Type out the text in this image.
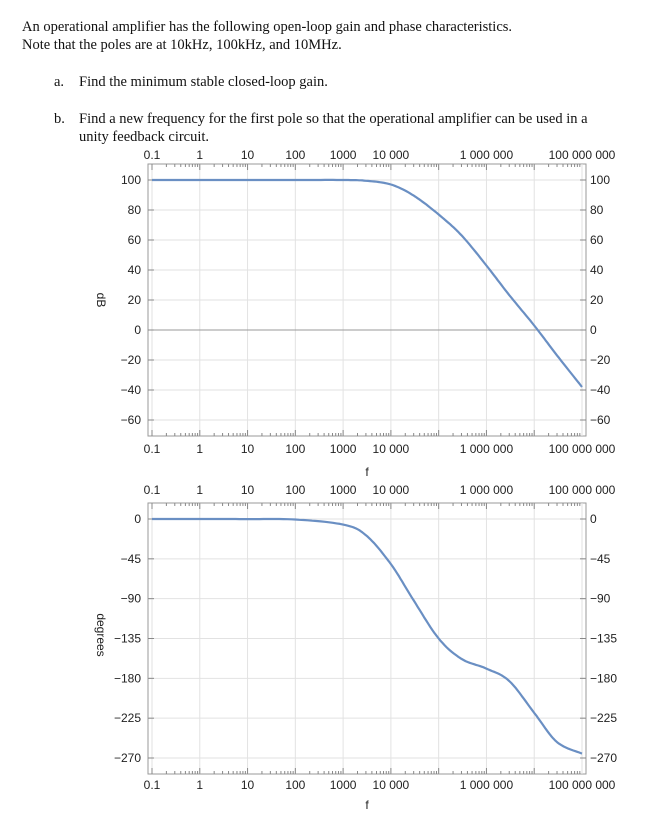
An operational amplifier has the following open-loop gain and phase characteristics.
Note that the poles are at 10kHz, 100kHz, and 10MHz.
a. Find the minimum stable closed-loop gain.
b. Find a new frequency for the first pole so that the operational amplifier can be used in a
unity feedback circuit.
0.1
0.1
1
1
10
10
100
100
1000
1000
10 000
10 000
1 000 000
1 000 000
100 000 000
100 000 000
100	100
80	80
60	60
40	40
20	20
0	0
−20	−20
−40	−40
−60	−60
dB
f
0.1
0.1
1
1
10
10
100
100
1000
1000
10 000
10 000
1 000 000
1 000 000
100 000 000
100 000 000
0	0
−45	−45
−90	−90
−135	−135
−180	−180
−225	−225
−270	−270
degrees
f
